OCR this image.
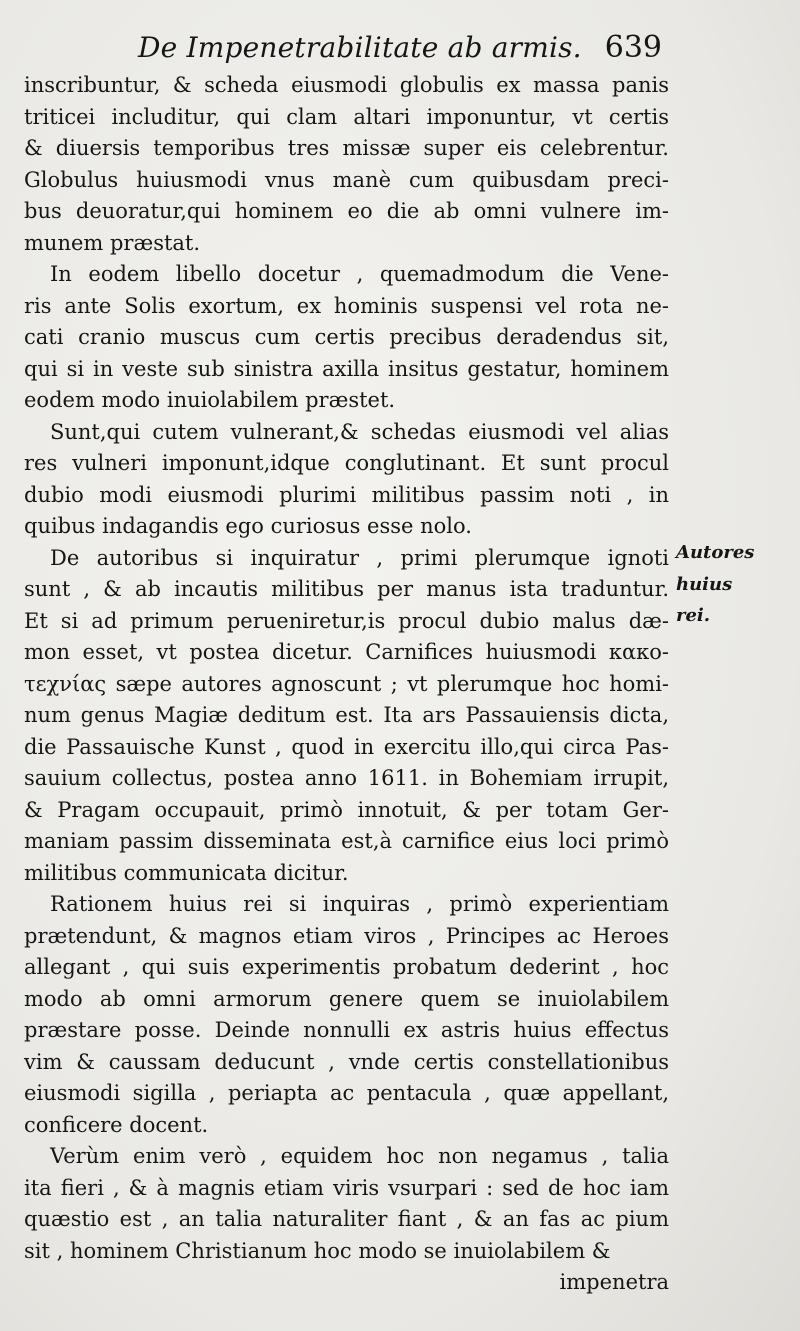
De Impenetrabilitate ab armis. 639
inscribuntur, & scheda eiusmodi globulis ex massa panis
triticei includitur, qui clam altari imponuntur, vt certis
& diuersis temporibus tres missæ super eis celebrentur.
Globulus huiusmodi vnus manè cum quibusdam preci-
bus deuoratur,qui hominem eo die ab omni vulnere im-
munem præstat.
In eodem libello docetur , quemadmodum die Vene-
ris ante Solis exortum, ex hominis suspensi vel rota ne-
cati cranio muscus cum certis precibus deradendus sit,
qui si in veste sub sinistra axilla insitus gestatur, hominem
eodem modo inuiolabilem præstet.
Sunt,qui cutem vulnerant,& schedas eiusmodi vel alias
res vulneri imponunt,idque conglutinant. Et sunt procul
dubio modi eiusmodi plurimi militibus passim noti , in
quibus indagandis ego curiosus esse nolo.
De autoribus si inquiratur , primi plerumque ignoti
sunt , & ab incautis militibus per manus ista traduntur.
Et si ad primum perueniretur,is procul dubio malus dæ-
mon esset, vt postea dicetur. Carnifices huiusmodi κακο-
τεχνίας sæpe autores agnoscunt ; vt plerumque hoc homi-
num genus Magiæ deditum est. Ita ars Passauiensis dicta,
die Passauische Kunst , quod in exercitu illo,qui circa Pas-
sauium collectus, postea anno 1611. in Bohemiam irrupit,
& Pragam occupauit, primò innotuit, & per totam Ger-
maniam passim disseminata est,à carnifice eius loci primò
militibus communicata dicitur.
Rationem huius rei si inquiras , primò experientiam
prætendunt, & magnos etiam viros , Principes ac Heroes
allegant , qui suis experimentis probatum dederint , hoc
modo ab omni armorum genere quem se inuiolabilem
præstare posse. Deinde nonnulli ex astris huius effectus
vim & caussam deducunt , vnde certis constellationibus
eiusmodi sigilla , periapta ac pentacula , quæ appellant,
conficere docent.
Verùm enim verò , equidem hoc non negamus , talia
ita fieri , & à magnis etiam viris vsurpari : sed de hoc iam
quæstio est , an talia naturaliter fiant , & an fas ac pium
sit , hominem Christianum hoc modo se inuiolabilem &
impenetra
Autores
huius
rei.
